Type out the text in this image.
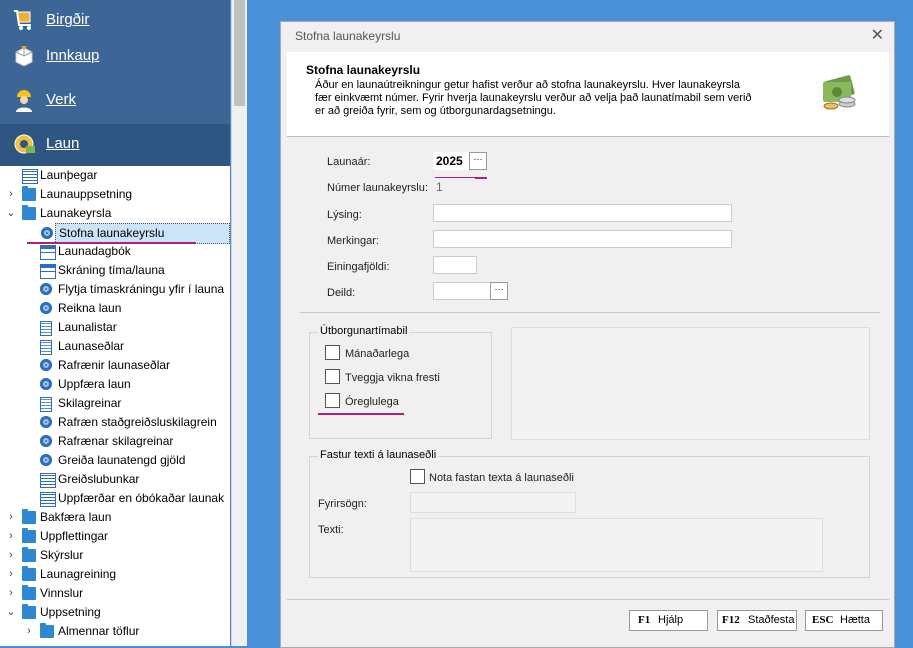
Birgðir
Innkaup
Verk
Laun
Launþegar
› Launauppsetning
⌄ Launakeyrsla
Stofna launakeyrslu
Launadagbók
Skráning tíma/launa
Flytja tímaskráningu yfir í launa
Reikna laun
Launalistar
Launaseðlar
Rafrænir launaseðlar
Uppfæra laun
Skilagreinar
Rafræn staðgreiðsluskilagrein
Rafrænar skilagreinar
Greiða launatengd gjöld
Greiðslubunkar
Uppfærðar en óbókaðar launak
› Bakfæra laun
› Uppflettingar
› Skýrslur
› Launagreining
› Vinnslur
⌄ Uppsetning
› Almennar töflur
Stofna launakeyrslu	✕
Stofna launakeyrslu
Áður en launaútreikningur getur hafist verður að stofna launakeyrslu. Hver launakeyrsla fær einkvæmt númer. Fyrir hverja launakeyrslu verður að velja það launatímabil sem verið er að greiða fyrir, sem og útborgunardagsetningu.
Launaár:	2025	···
Númer launakeyrslu: 1
Lýsing:
Merkingar:
Einingafjöldi:
Deild:	···
Útborgunartímabil
Mánaðarlega
Tveggja vikna fresti
Óreglulega
Fastur texti á launaseðli
Nota fastan texta á launaseðli
Fyrirsögn:
Texti:
F1 Hjálp	F12 Staðfesta ESC Hætta
